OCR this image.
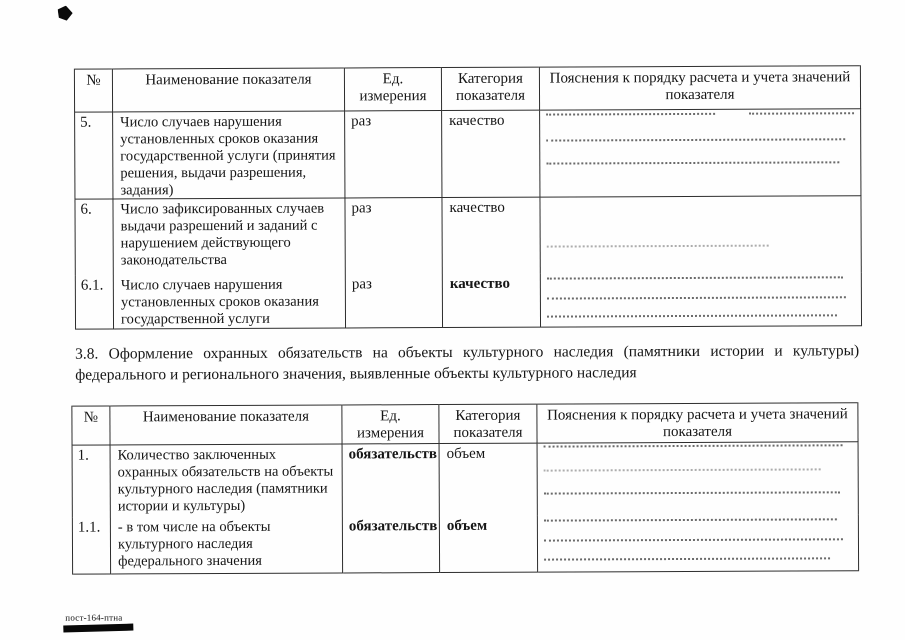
№	Наименование показателя	Ед. измерения	Категория показателя	Пояснения к порядку расчета и учета значений показателя
5.	Число случаев нарушения установленных сроков оказания государственной услуги (принятия решения, выдачи разрешения, задания)	раз	качество	

6.	Число зафиксированных случаев выдачи разрешений и заданий с нарушением действующего законодательства	раз	качество	

6.1.	Число случаев нарушения установленных сроков оказания государственной услуги	раз	качество	
3.8. Оформление охранных обязательств на объекты культурного наследия (памятники истории и культуры)
федерального и регионального значения, выявленные объекты культурного наследия
№	Наименование показателя	Ед. измерения	Категория показателя	Пояснения к порядку расчета и учета значений показателя
1.	Количество заключенных охранных обязательств на объекты культурного наследия (памятники истории и культуры)	обязательств	объем	

1.1.	- в том числе на объекты культурного наследия федерального значения	обязательств	объем	
пост-164-птна
